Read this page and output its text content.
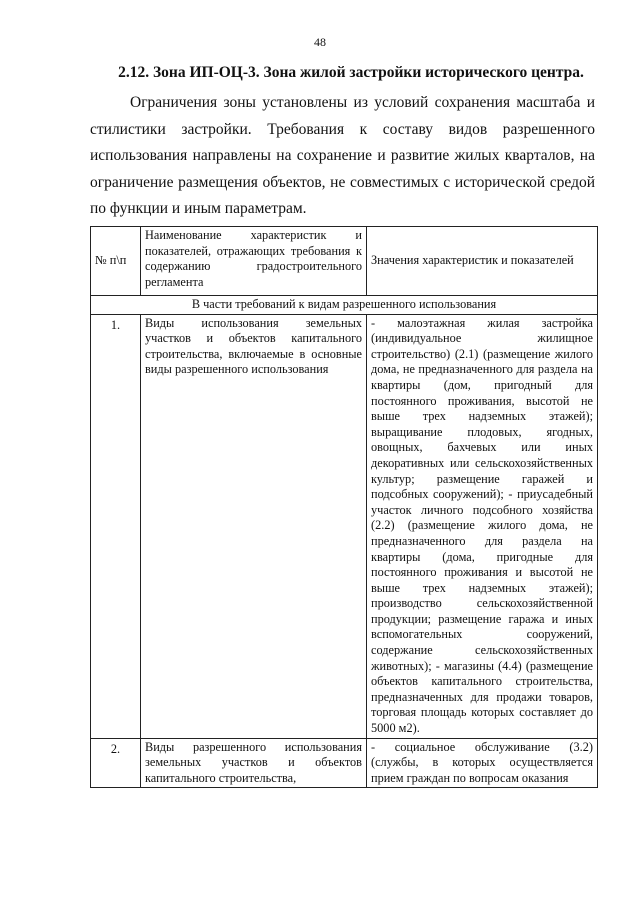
48
2.12. Зона ИП-ОЦ-3. Зона жилой застройки исторического центра.

Ограничения зоны установлены из условий сохранения масштаба и стилистики застройки. Требования к составу видов разрешенного использования направлены на сохранение и развитие жилых кварталов, на ограничение размещения объектов, не совместимых с исторической средой по функции и иным параметрам.

№ п\п	Наименование характеристик и показателей, отражающих требования к содержанию градостроительного регламента	Значения характеристик и показателей
В части требований к видам разрешенного использования		
1.	Виды использования земельных участков и объектов капитального строительства, включаемые в основные виды разрешенного использования	- малоэтажная жилая застройка (индивидуальное жилищное строительство) (2.1) (размещение жилого дома, не предназначенного для раздела на квартиры (дом, пригодный для постоянного проживания, высотой не выше трех надземных этажей); выращивание плодовых, ягодных, овощных, бахчевых или иных декоративных или сельскохозяйственных культур; размещение гаражей и подсобных сооружений); - приусадебный участок личного подсобного хозяйства (2.2) (размещение жилого дома, не предназначенного для раздела на квартиры (дома, пригодные для постоянного проживания и высотой не выше трех надземных этажей); производство сельскохозяйственной продукции; размещение гаража и иных вспомогательных сооружений, содержание сельскохозяйственных животных); - магазины (4.4) (размещение объектов капитального строительства, предназначенных для продажи товаров, торговая площадь которых составляет до 5000 м2).
2.	Виды разрешенного использования земельных участков и объектов капитального строительства,	- социальное обслуживание (3.2) (службы, в которых осуществляется прием граждан по вопросам оказания
